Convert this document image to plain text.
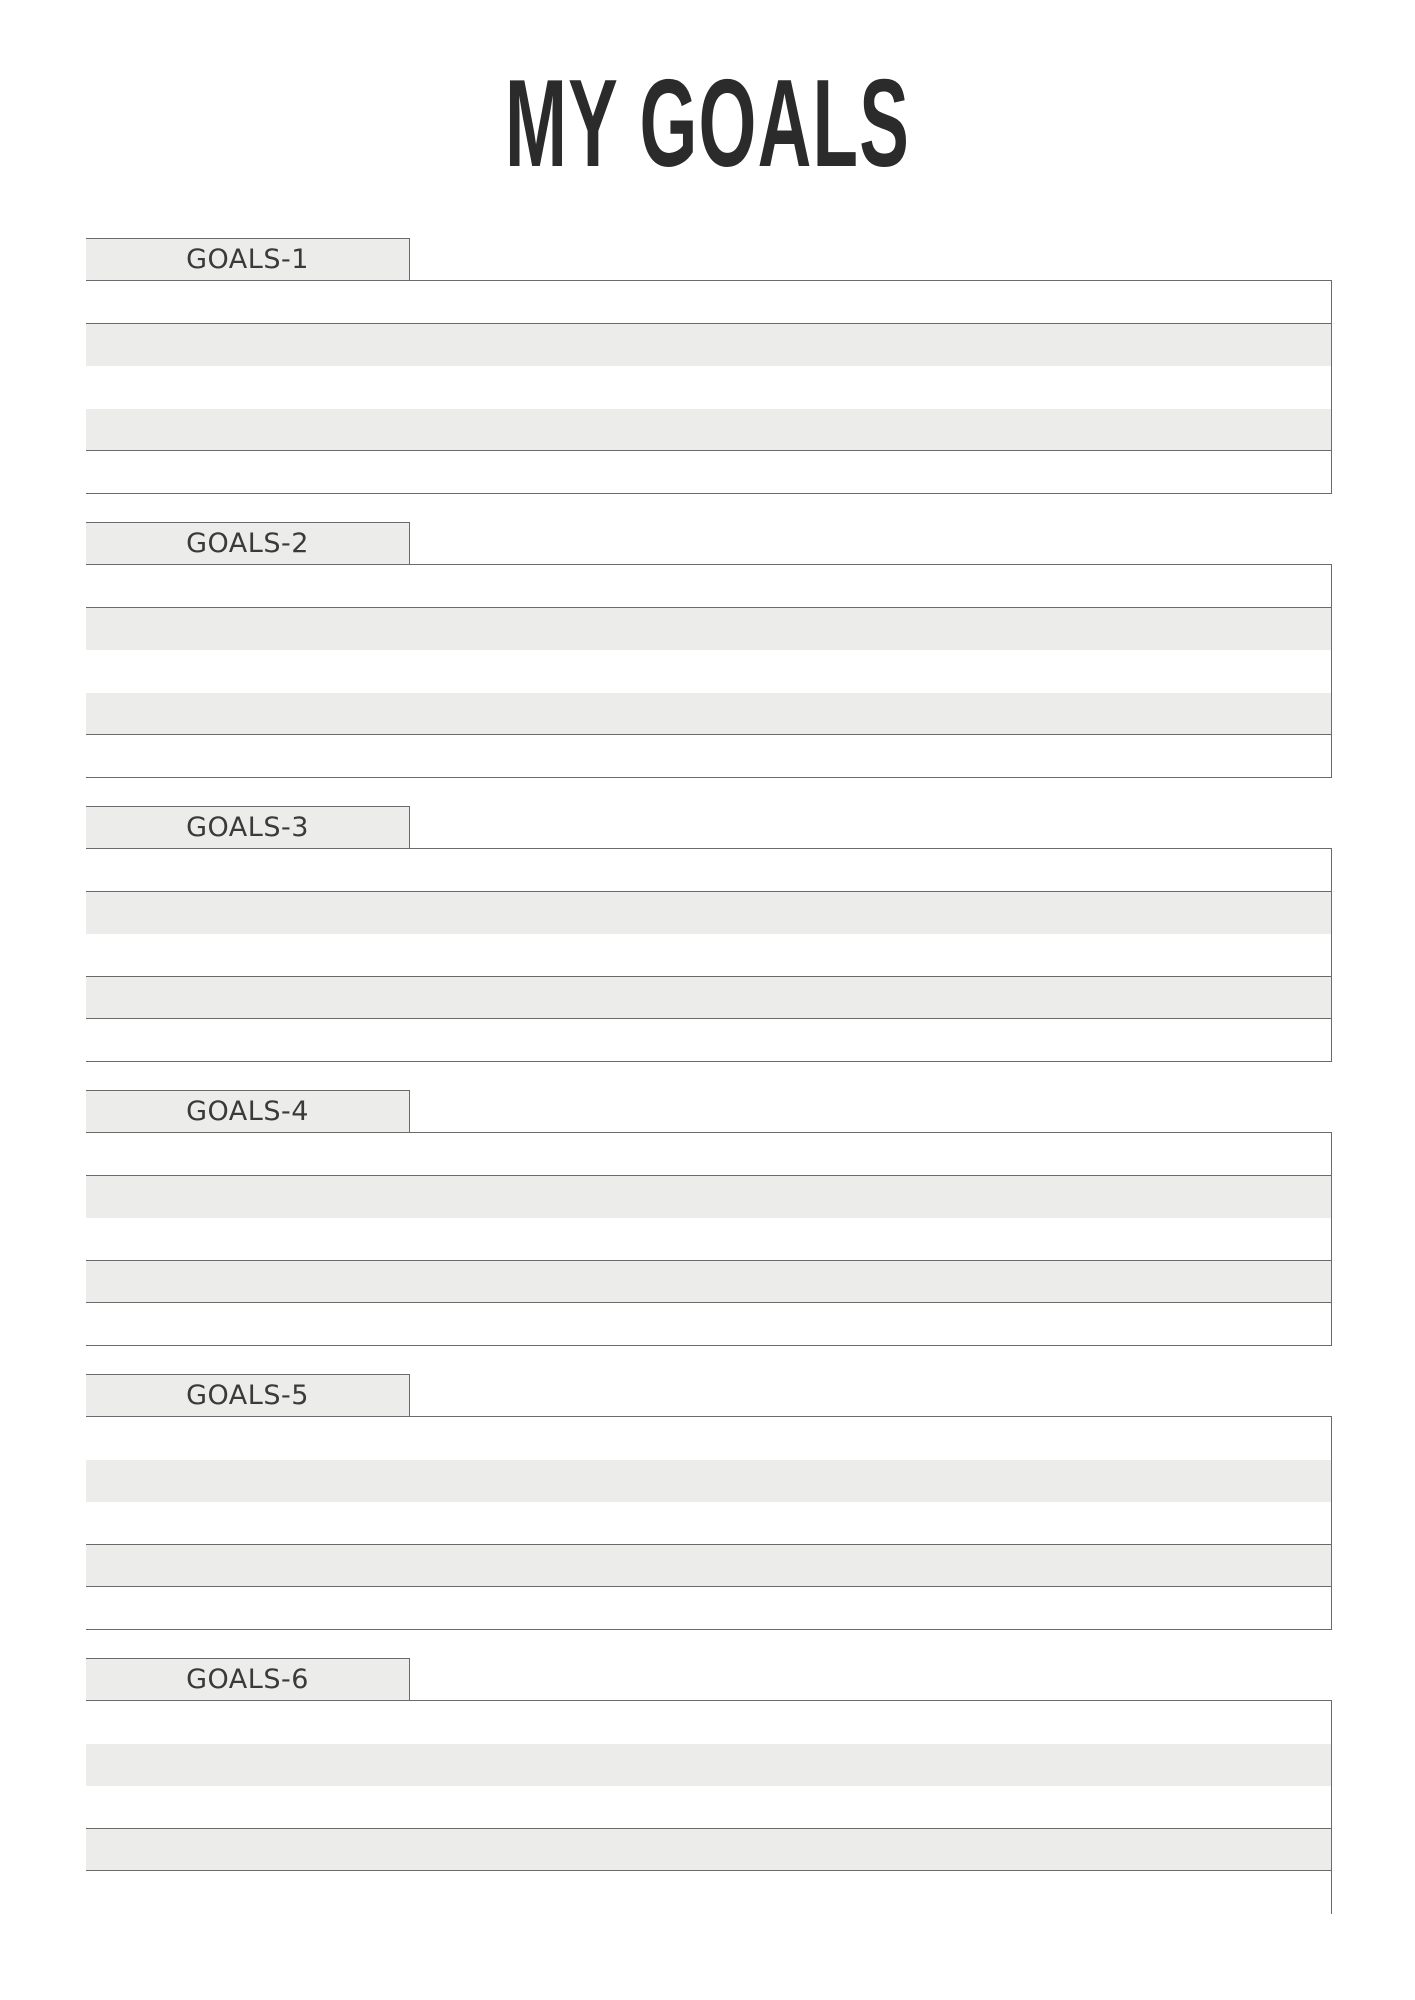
MY GOALS
GOALS-1
GOALS-2
GOALS-3
GOALS-4
GOALS-5
GOALS-6
